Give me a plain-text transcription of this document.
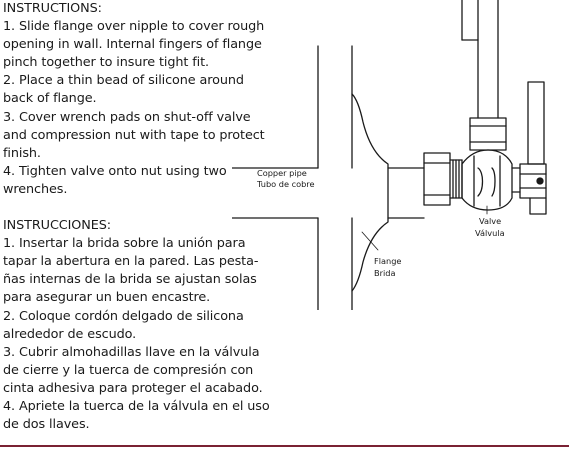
INSTRUCTIONS:
1. Slide flange over nipple to cover rough
opening in wall. Internal fingers of flange
pinch together to insure tight fit.
2. Place a thin bead of silicone around
back of flange.
3. Cover wrench pads on shut-off valve
and compression nut with tape to protect
finish.
4. Tighten valve onto nut using two
wrenches.
INSTRUCCIONES:
1. Insertar la brida sobre la unión para
tapar la abertura en la pared. Las pesta-
ñas internas de la brida se ajustan solas
para asegurar un buen encastre.
2. Coloque cordón delgado de silicona
alrededor de escudo.
3. Cubrir almohadillas llave en la válvula
de cierre y la tuerca de compresión con
cinta adhesiva para proteger el acabado.
4. Apriete la tuerca de la válvula en el uso
de dos llaves.
Copper pipe
Tubo de cobre
Flange
Brida
Valve
Válvula
